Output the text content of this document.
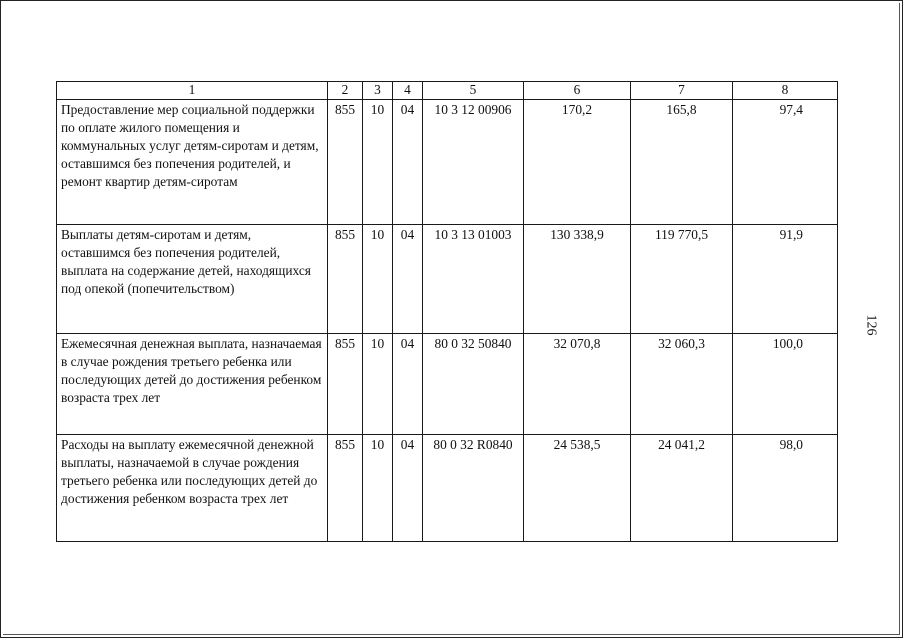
1	2	3	4	5	6	7	8
Предоставление мер социальной поддержки по оплате жилого помещения и коммунальных услуг детям-сиротам и детям, оставшимся без попечения родителей, и ремонт квартир детям-сиротам	855	10	04	10 3 12 00906	170,2	165,8	97,4
Выплаты детям-сиротам и детям, оставшимся без попечения родителей, выплата на содержание детей, находящихся под опекой (попечительством)	855	10	04	10 3 13 01003	130 338,9	119 770,5	91,9
Ежемесячная денежная выплата, назначаемая в случае рождения третьего ребенка или последующих детей до достижения ребенком возраста трех лет	855	10	04	80 0 32 50840	32 070,8	32 060,3	100,0
Расходы на выплату ежемесячной денежной выплаты, назначаемой в случае рождения третьего ребенка или последующих детей до достижения ребенком возраста трех лет	855	10	04	80 0 32 R0840	24 538,5	24 041,2	98,0
126
